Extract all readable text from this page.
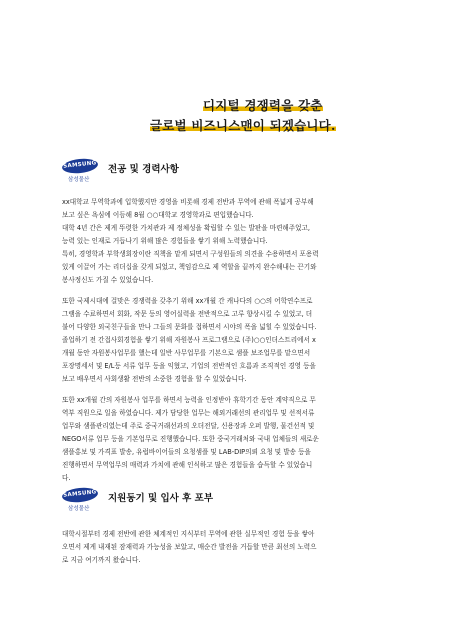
디지털 경쟁력을 갖춘
글로벌 비즈니스맨이 되겠습니다.
SAMSUNG
삼성물산
전공 및 경력사항

xx대학교 무역학과에 입학했지만 경영을 비롯해 경제 전반과 무역에 관해 폭넓게 공부해

보고 싶은 욕심에 이듬해 8월 ○○대학교 경영학과로 편입했습니다.

대학 4년 간은 제게 뚜렷한 가치관과 제 정체성을 확립할 수 있는 발판을 마련해주었고,

능력 있는 인재로 거듭나기 위해 많은 경험들을 쌓기 위해 노력했습니다.

특히, 경영학과 부학생회장이란 직책을 맡게 되면서 구성원들의 의견을 수용하면서 포용력

있게 이끌어 가는 리더십을 갖게 되었고, 책임감으로 제 역할을 끝까지 완수해내는 끈기와

봉사정신도 가질 수 있었습니다.

또한 국제시대에 걸맞은 경쟁력을 갖추기 위해 xx개월 간 캐나다의 ○○의 어학연수프로

그램을 수료하면서 회화, 작문 등의 영어실력을 전반적으로 고루 향상시킬 수 있었고, 더

불어 다양한 외국친구들을 만나 그들의 문화를 접하면서 시야의 폭을 넓힐 수 있었습니다.

졸업하기 전 간접사회경험을 쌓기 위해 자원봉사 프로그램으로 (주)○○인더스트리에서 x

개월 동안 자원봉사업무를 했는데 일반 사무업무를 기본으로 샘플 보조업무를 맡으면서

포장명세서 및 E/L등 서류 업무 등을 익혔고, 기업의 전반적인 흐름과 조직적인 경영 등을

보고 배우면서 사회생활 전반의 소중한 경험을 할 수 있었습니다.

또한 xx개월 간의 자원봉사 업무를 하면서 능력을 인정받아 휴학기간 동안 계약직으로 무

역부 직원으로 일을 하였습니다. 제가 담당한 업무는 해외거래선의 관리업무 및 선적서류

업무와 샘플관리였는데 주로 중국거래선과의 오더전달, 신용장과 오퍼 발행, 물건선적 및

NEGO서류 업무 등을 기본업무로 진행했습니다. 또한 중국거래처와 국내 업체들의 새로운

샘플홍보 및 가격표 발송, 유럽바이어들의 요청샘플 및 LAB-DIP의뢰 요청 및 발송 등을

진행하면서 무역업무의 매력과 가치에 관해 인식하고 많은 경험들을 습득할 수 있었습니

다.

SAMSUNG
삼성물산
지원동기 및 입사 후 포부

대학시절부터 경제 전반에 관한 체계적인 지식부터 무역에 관한 실무적인 경험 등을 쌓아

오면서 제게 내재된 잠재력과 가능성을 보았고, 매순간 발전을 거듭할 만큼 최선의 노력으

로 지금 여기까지 왔습니다.
